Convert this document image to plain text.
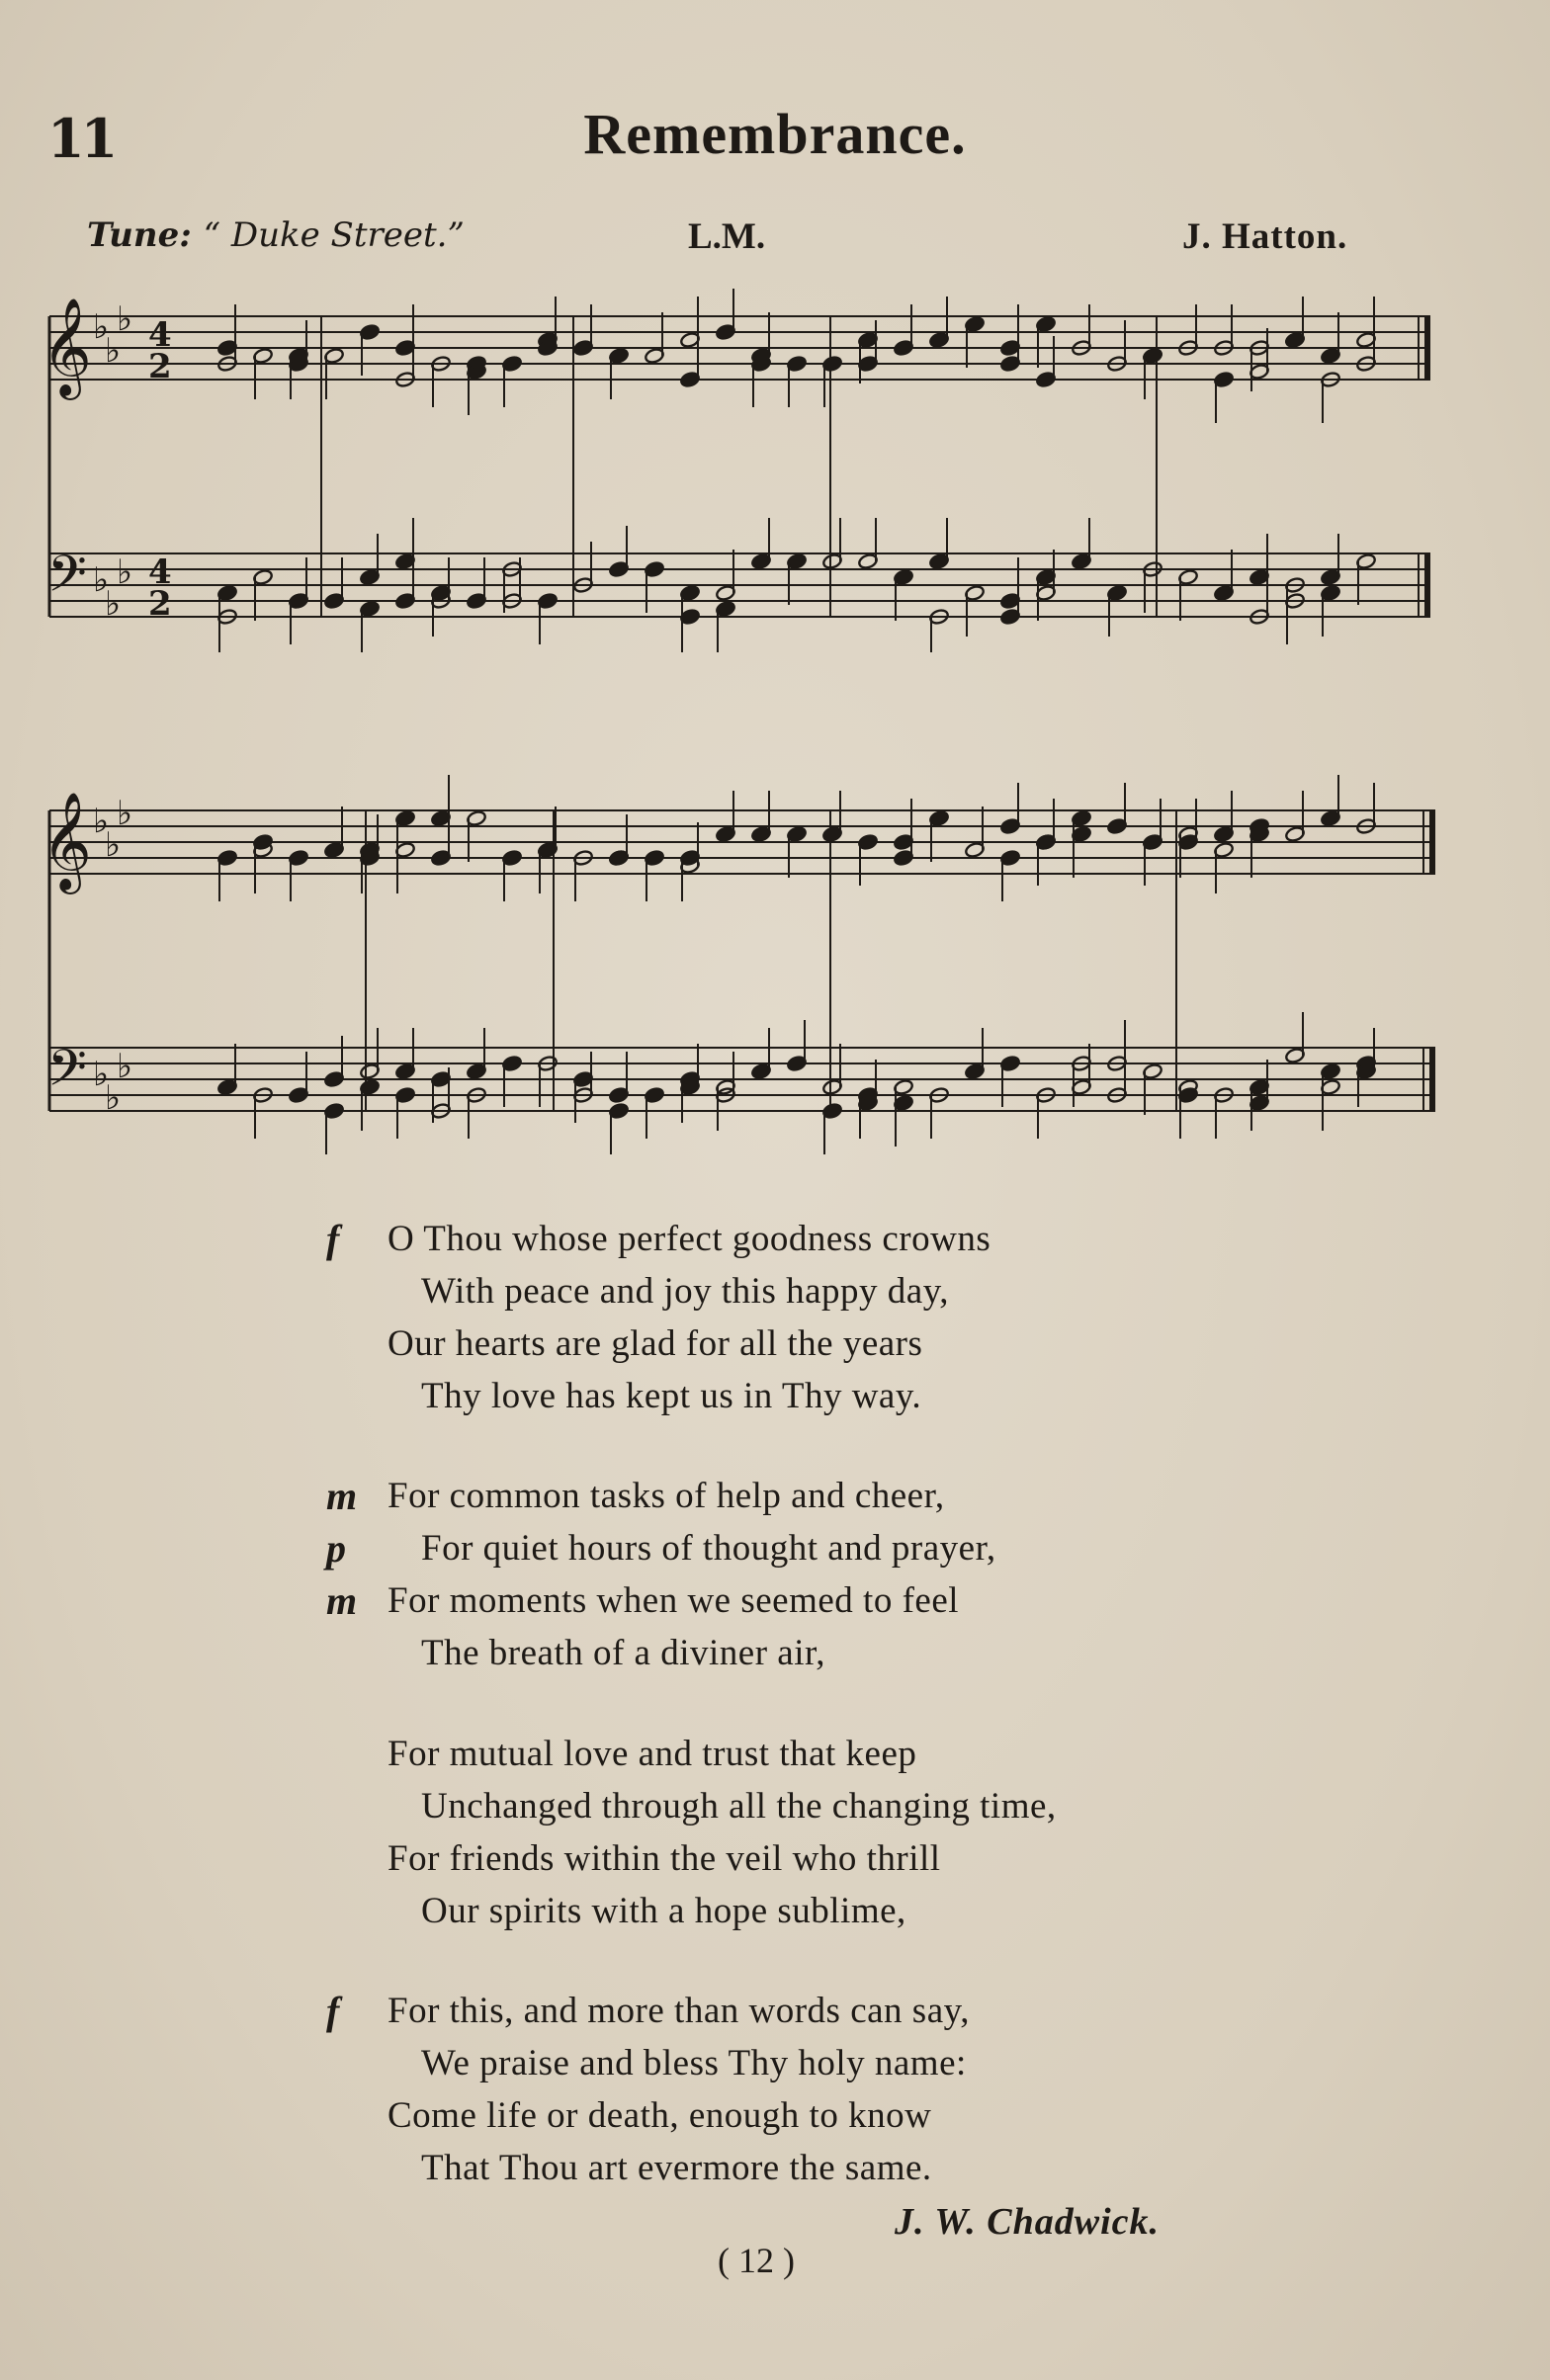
11	Remembrance.
Tune: “ Duke Street.”	L.M.	J. Hatton.
𝄞
𝄢
♭
♭
♭
♭
♭
♭
4
2
4
2
𝄞
𝄢
♭
♭
♭
♭
♭
♭
f O Thou whose perfect goodness crowns
With peace and joy this happy day,
Our hearts are glad for all the years
Thy love has kept us in Thy way.
m For common tasks of help and cheer,
p For quiet hours of thought and prayer,
m For moments when we seemed to feel
The breath of a diviner air,
For mutual love and trust that keep
Unchanged through all the changing time,
For friends within the veil who thrill
Our spirits with a hope sublime,
f For this, and more than words can say,
We praise and bless Thy holy name:
Come life or death, enough to know
That Thou art evermore the same.
J. W. Chadwick.
( 12 )
